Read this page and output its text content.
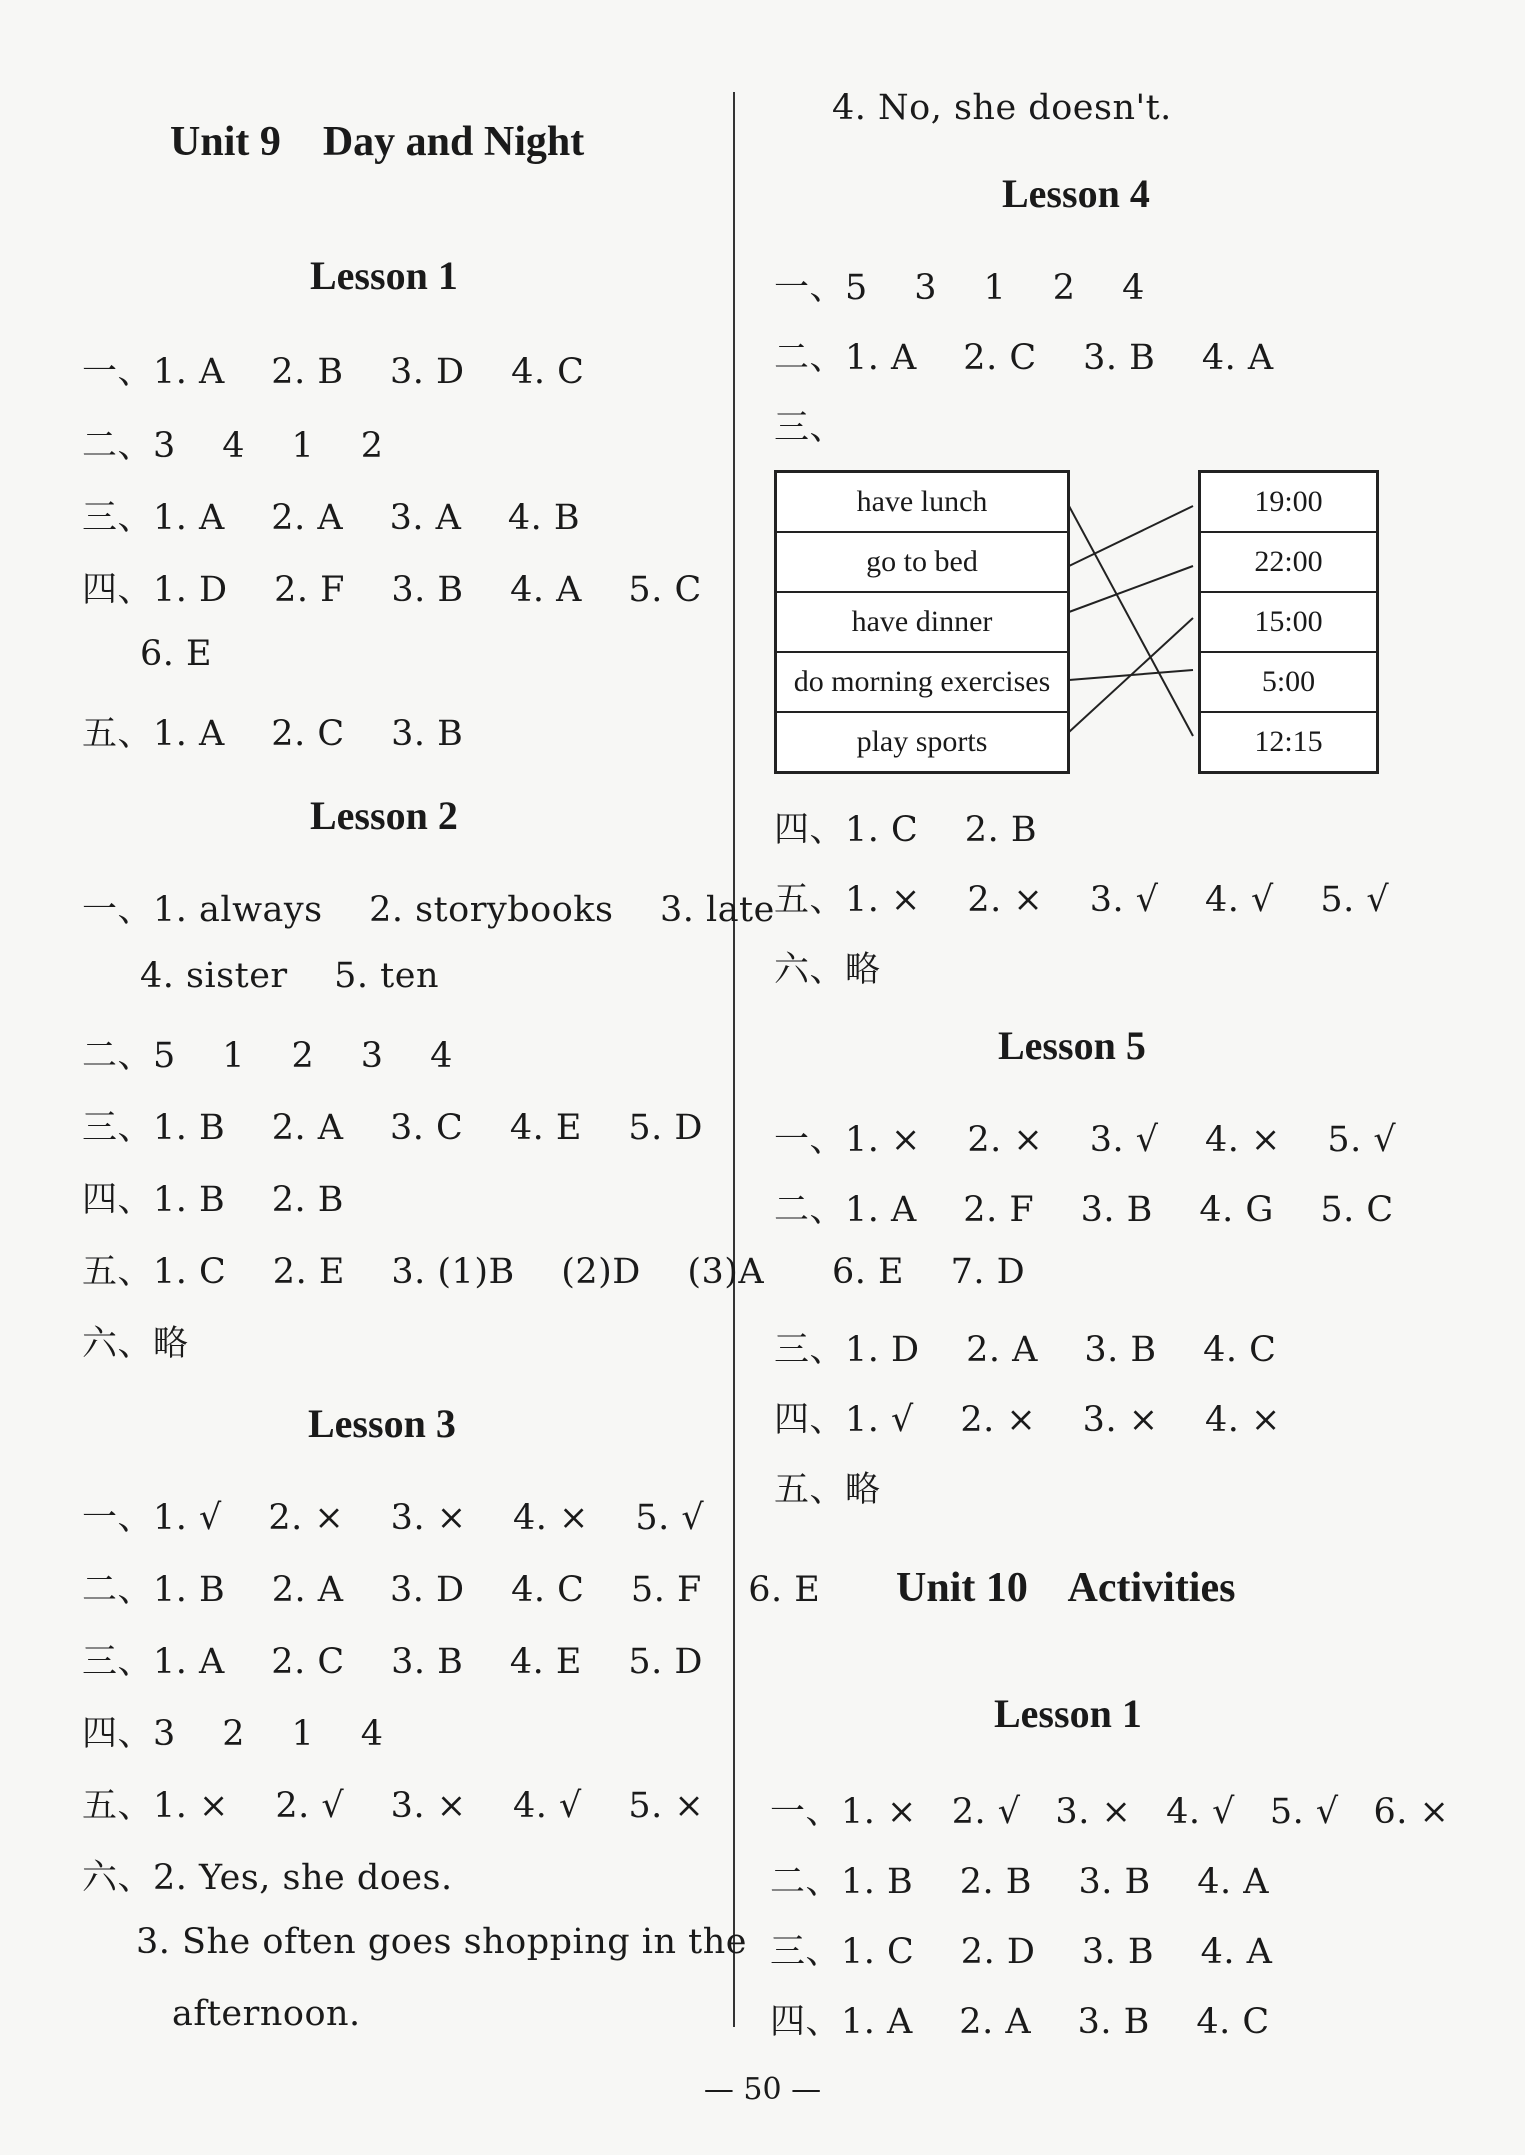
Unit 9    Day and Night
Lesson 1
一、1. A    2. B    3. D    4. C
二、3    4    1    2
三、1. A    2. A    3. A    4. B
四、1. D    2. F    3. B    4. A    5. C
6. E
五、1. A    2. C    3. B
Lesson 2
一、1. always    2. storybooks    3. late
4. sister    5. ten
二、5    1    2    3    4
三、1. B    2. A    3. C    4. E    5. D
四、1. B    2. B
五、1. C    2. E    3. (1)B    (2)D    (3)A
六、略
Lesson 3
一、1. √    2. ×    3. ×    4. ×    5. √
二、1. B    2. A    3. D    4. C    5. F    6. E
三、1. A    2. C    3. B    4. E    5. D
四、3    2    1    4
五、1. ×    2. √    3. ×    4. √    5. ×
六、2. Yes, she does.
3. She often goes shopping in the
afternoon.
4. No, she doesn't.
Lesson 4
一、5    3    1    2    4
二、1. A    2. C    3. B    4. A
三、
have lunch
go to bed
have dinner
do morning exercises
play sports
19:00
22:00
15:00
5:00
12:15
四、1. C    2. B
五、1. ×    2. ×    3. √    4. √    5. √
六、略
Lesson 5
一、1. ×    2. ×    3. √    4. ×    5. √
二、1. A    2. F    3. B    4. G    5. C
6. E    7. D
三、1. D    2. A    3. B    4. C
四、1. √    2. ×    3. ×    4. ×
五、略
Unit 10    Activities
Lesson 1
一、1. ×   2. √   3. ×   4. √   5. √   6. ×
二、1. B    2. B    3. B    4. A
三、1. C    2. D    3. B    4. A
四、1. A    2. A    3. B    4. C
— 50 —
